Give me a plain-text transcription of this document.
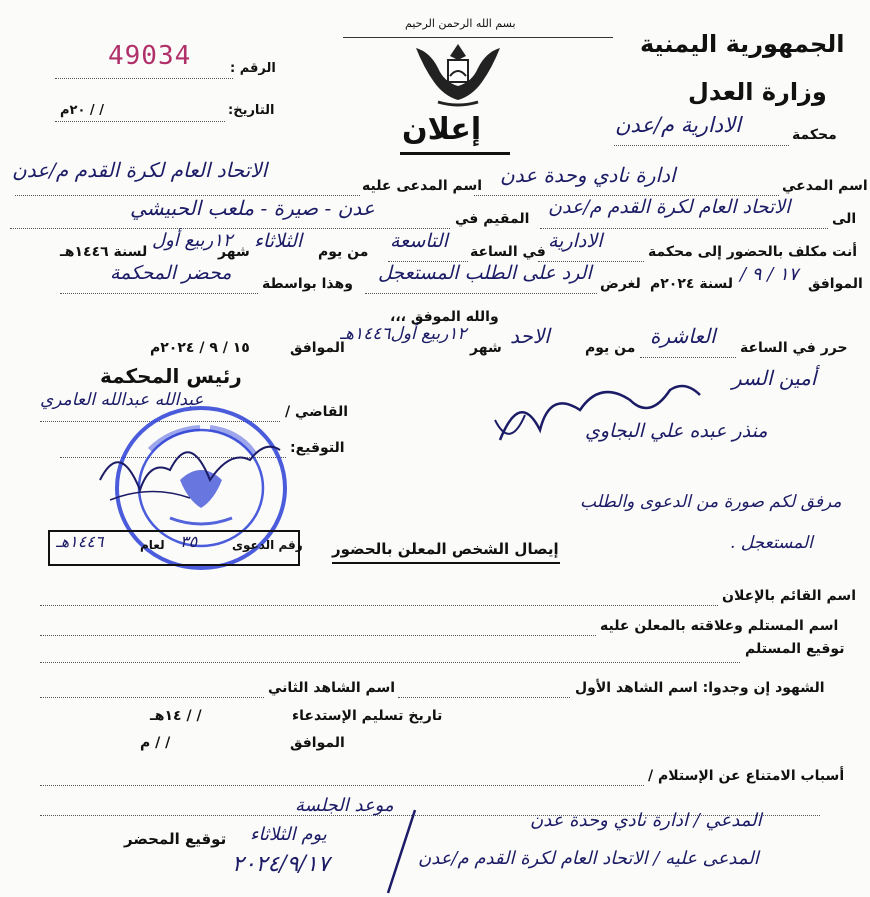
الرقم :
49034
التاريخ:
/ / ٢٠م
بسم الله الرحمن الرحيم
إعلان
الجمهورية اليمنية
وزارة العدل
محكمة
الادارية م/عدن
اسم المدعي
ادارة نادي وحدة عدن
اسم المدعى عليه
الاتحاد العام لكرة القدم م/عدن
الى
الاتحاد العام لكرة القدم م/عدن
المقيم في
عدن - صيرة - ملعب الحبيشي
أنت مكلف بالحضور إلى محكمة
الادارية
في الساعة
التاسعة
من يوم
الثلاثاء
شهر
١٢ربيع أول
لسنة ١٤٤٦هـ
الموافق
١٧ / ٩ /
لسنة ٢٠٢٤م
لغرض
الرد على الطلب المستعجل
وهذا بواسطة
محضر المحكمة
والله الموفق ،،،
حرر في الساعة
العاشرة
من يوم
الاحد
شهر
١٢ربيع أول١٤٤٦هـ
الموافق
١٥ / ٩ / ٢٠٢٤م
رئيس المحكمة
القاضي /
عبدالله عبدالله العامري
التوقيع:
أمين السر
منذر عبده علي البجاوي
مرفق لكم صورة من الدعوى والطلب
المستعجل .
رقم الدعوى
٣٥
لعام
١٤٤٦هـ	إيصال الشخص المعلن بالحضور
اسم القائم بالإعلان
اسم المستلم وعلاقته بالمعلن عليه
توقيع المستلم
الشهود إن وجدوا: اسم الشاهد الأول
اسم الشاهد الثاني
تاريخ تسليم الإستدعاء
/ / ١٤هـ
الموافق
/ / م
أسباب الامتناع عن الإستلام /
توقيع المحضر
موعد الجلسة
يوم الثلاثاء
٢٠٢٤/٩/١٧
المدعي / ادارة نادي وحدة عدن
المدعى عليه / الاتحاد العام لكرة القدم م/عدن
